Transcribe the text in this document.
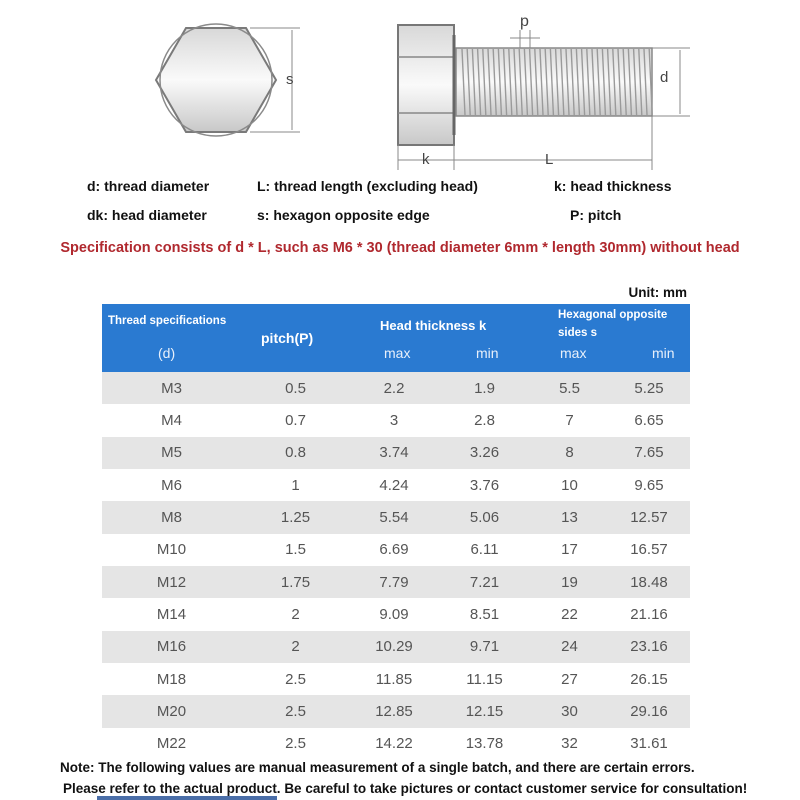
s
p
d
k	L
d: thread diameter	L: thread length (excluding head)	k: head thickness
dk: head diameter	s: hexagon opposite edge	P: pitch
Specification consists of d * L, such as M6 * 30 (thread diameter 6mm * length 30mm) without head
Unit: mm
Thread specifications
(d)
pitch(P)
Head thickness k
Hexagonal opposite
sides s
max	min	max	min
M3	0.5	2.2	1.9	5.5	5.25
M4	0.7	3	2.8	7	6.65
M5	0.8	3.74	3.26	8	7.65
M6	1	4.24	3.76	10	9.65
M8	1.25	5.54	5.06	13	12.57
M10	1.5	6.69	6.11	17	16.57
M12	1.75	7.79	7.21	19	18.48
M14	2	9.09	8.51	22	21.16
M16	2	10.29	9.71	24	23.16
M18	2.5	11.85	11.15	27	26.15
M20	2.5	12.85	12.15	30	29.16
M22	2.5	14.22	13.78	32	31.61
Note: The following values are manual measurement of a single batch, and there are certain errors.
Please refer to the actual product. Be careful to take pictures or contact customer service for consultation!
